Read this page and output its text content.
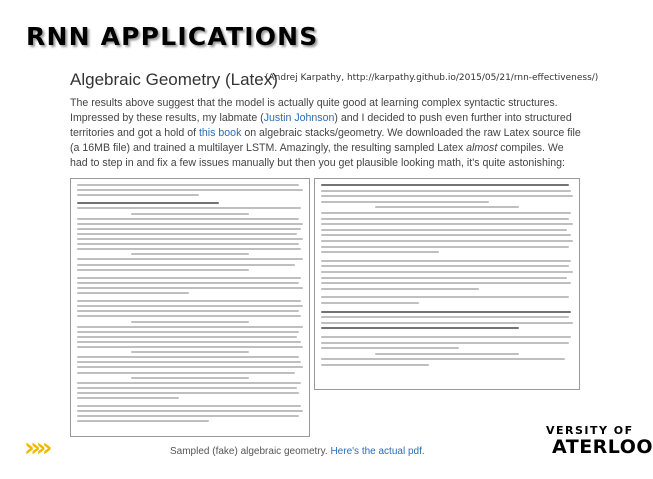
RNN APPLICATIONS
Algebraic Geometry (Latex)
(Andrej Karpathy, http://karpathy.github.io/2015/05/21/rnn-effectiveness/)

The results above suggest that the model is actually quite good at learning complex syntactic structures. Impressed by these results, my labmate (Justin Johnson) and I decided to push even further into structured territories and got a hold of this book on algebraic stacks/geometry. We downloaded the raw Latex source file (a 16MB file) and trained a multilayer LSTM. Amazingly, the resulting sampled Latex almost compiles. We had to step in and fix a few issues manually but then you get plausible looking math, it's quite astonishing:

Sampled (fake) algebraic geometry. Here's the actual pdf.
»»
VERSITY OF
ATERLOO
